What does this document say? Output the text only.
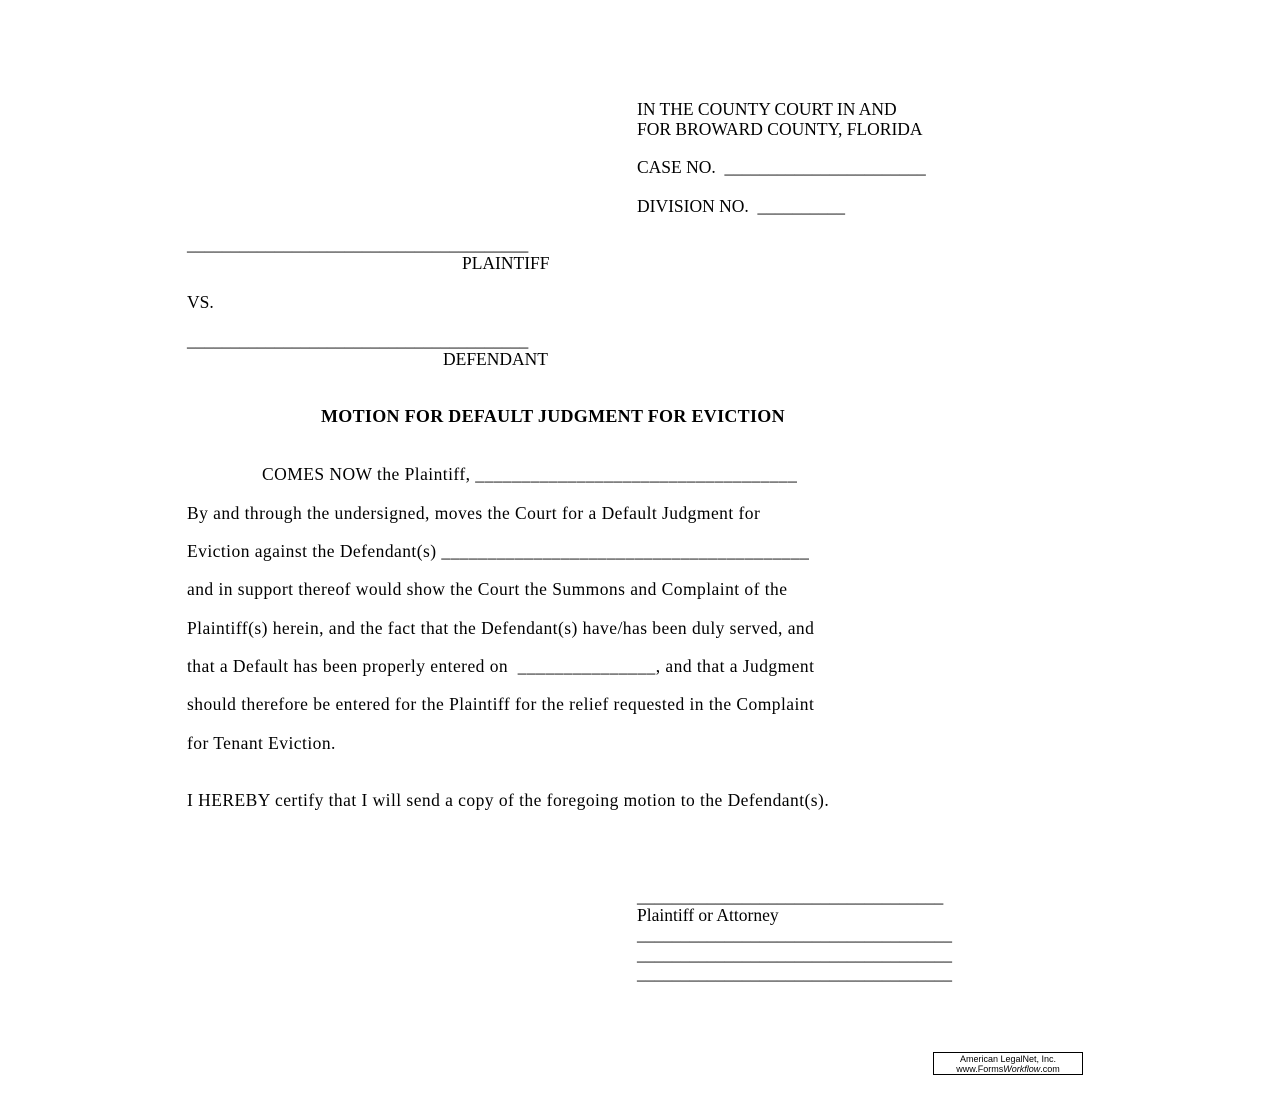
IN THE COUNTY COURT IN AND
FOR BROWARD COUNTY, FLORIDA
CASE NO.  _______________________
DIVISION NO.  __________
_______________________________________
PLAINTIFF
VS.
_______________________________________
DEFENDANT
MOTION FOR DEFAULT JUDGMENT FOR EVICTION
COMES NOW the Plaintiff, ___________________________________
By and through the undersigned, moves the Court for a Default Judgment for
Eviction against the Defendant(s) ________________________________________
and in support thereof would show the Court the Summons and Complaint of the
Plaintiff(s) herein, and the fact that the Defendant(s) have/has been duly served, and
that a Default has been properly entered on  _______________, and that a Judgment
should therefore be entered for the Plaintiff for the relief requested in the Complaint
for Tenant Eviction.
I HEREBY certify that I will send a copy of the foregoing motion to the Defendant(s).
___________________________________
Plaintiff or Attorney
____________________________________
____________________________________
____________________________________
American LegalNet, Inc.
www.FormsWorkflow.com
